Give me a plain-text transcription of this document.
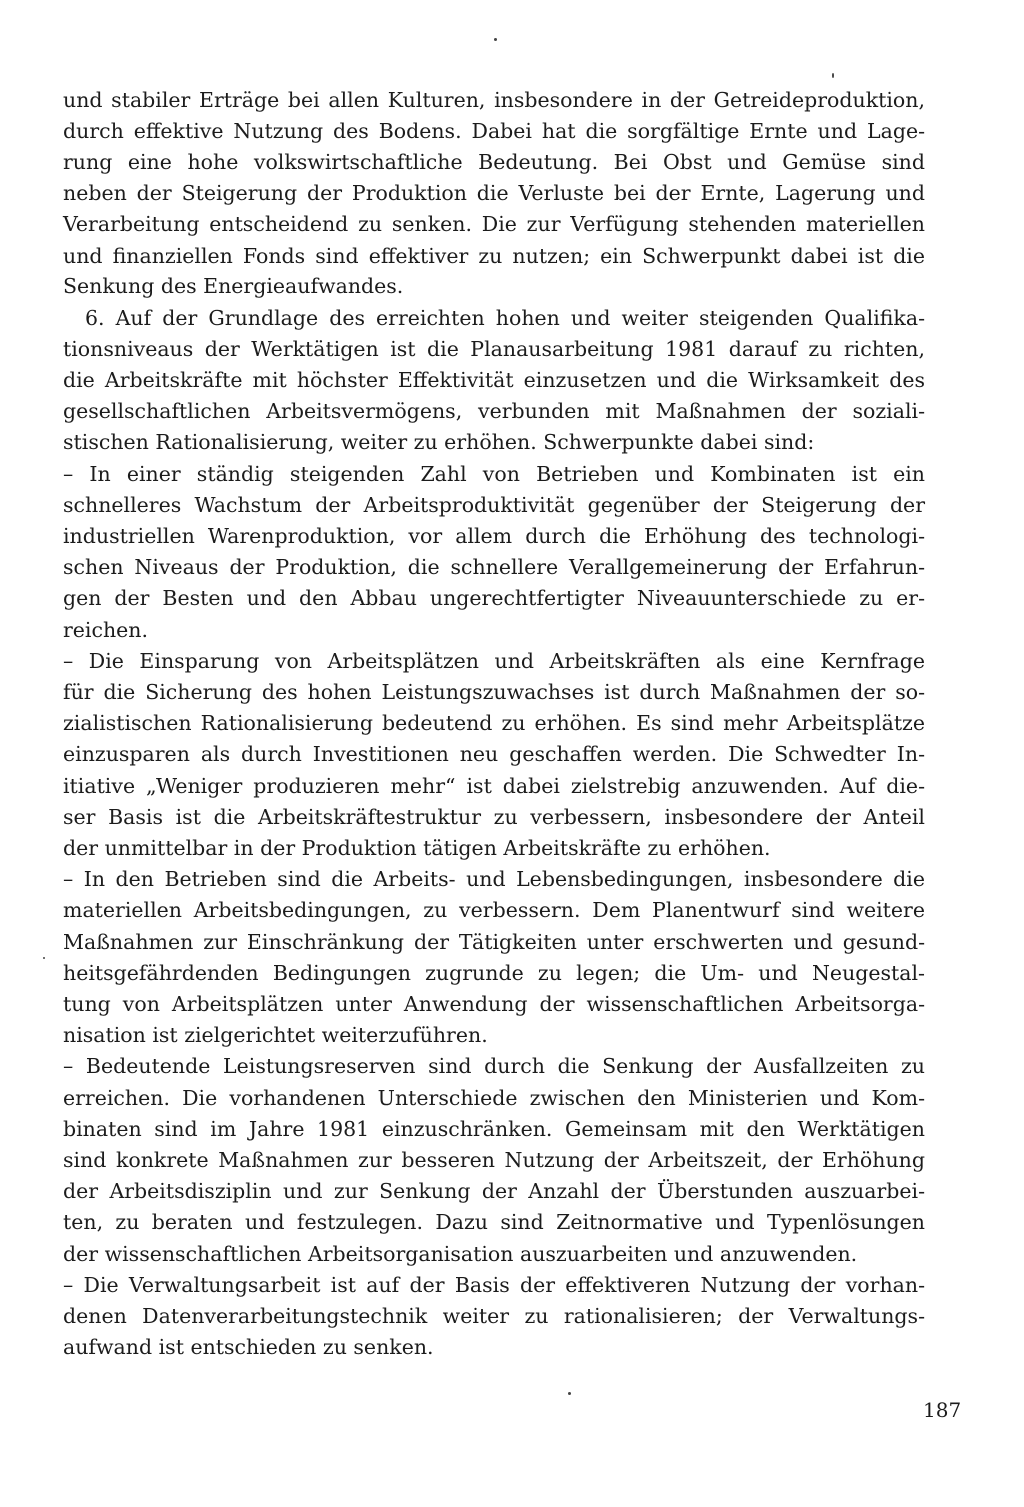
und stabiler Erträge bei allen Kulturen, insbesondere in der Getreideproduktion,
durch effektive Nutzung des Bodens. Dabei hat die sorgfältige Ernte und Lage-
rung eine hohe volkswirtschaftliche Bedeutung. Bei Obst und Gemüse sind
neben der Steigerung der Produktion die Verluste bei der Ernte, Lagerung und
Verarbeitung entscheidend zu senken. Die zur Verfügung stehenden materiellen
und finanziellen Fonds sind effektiver zu nutzen; ein Schwerpunkt dabei ist die
Senkung des Energieaufwandes.
6. Auf der Grundlage des erreichten hohen und weiter steigenden Qualifika-
tionsniveaus der Werktätigen ist die Planausarbeitung 1981 darauf zu richten,
die Arbeitskräfte mit höchster Effektivität einzusetzen und die Wirksamkeit des
gesellschaftlichen Arbeitsvermögens, verbunden mit Maßnahmen der soziali-
stischen Rationalisierung, weiter zu erhöhen. Schwerpunkte dabei sind:
– In einer ständig steigenden Zahl von Betrieben und Kombinaten ist ein
schnelleres Wachstum der Arbeitsproduktivität gegenüber der Steigerung der
industriellen Warenproduktion, vor allem durch die Erhöhung des technologi-
schen Niveaus der Produktion, die schnellere Verallgemeinerung der Erfahrun-
gen der Besten und den Abbau ungerechtfertigter Niveauunterschiede zu er-
reichen.
– Die Einsparung von Arbeitsplätzen und Arbeitskräften als eine Kernfrage
für die Sicherung des hohen Leistungszuwachses ist durch Maßnahmen der so-
zialistischen Rationalisierung bedeutend zu erhöhen. Es sind mehr Arbeitsplätze
einzusparen als durch Investitionen neu geschaffen werden. Die Schwedter In-
itiative „Weniger produzieren mehr“ ist dabei zielstrebig anzuwenden. Auf die-
ser Basis ist die Arbeitskräftestruktur zu verbessern, insbesondere der Anteil
der unmittelbar in der Produktion tätigen Arbeitskräfte zu erhöhen.
– In den Betrieben sind die Arbeits- und Lebensbedingungen, insbesondere die
materiellen Arbeitsbedingungen, zu verbessern. Dem Planentwurf sind weitere
Maßnahmen zur Einschränkung der Tätigkeiten unter erschwerten und gesund-
heitsgefährdenden Bedingungen zugrunde zu legen; die Um- und Neugestal-
tung von Arbeitsplätzen unter Anwendung der wissenschaftlichen Arbeitsorga-
nisation ist zielgerichtet weiterzuführen.
– Bedeutende Leistungsreserven sind durch die Senkung der Ausfallzeiten zu
erreichen. Die vorhandenen Unterschiede zwischen den Ministerien und Kom-
binaten sind im Jahre 1981 einzuschränken. Gemeinsam mit den Werktätigen
sind konkrete Maßnahmen zur besseren Nutzung der Arbeitszeit, der Erhöhung
der Arbeitsdisziplin und zur Senkung der Anzahl der Überstunden auszuarbei-
ten, zu beraten und festzulegen. Dazu sind Zeitnormative und Typenlösungen
der wissenschaftlichen Arbeitsorganisation auszuarbeiten und anzuwenden.
– Die Verwaltungsarbeit ist auf der Basis der effektiveren Nutzung der vorhan-
denen Datenverarbeitungstechnik weiter zu rationalisieren; der Verwaltungs-
aufwand ist entschieden zu senken.
187
